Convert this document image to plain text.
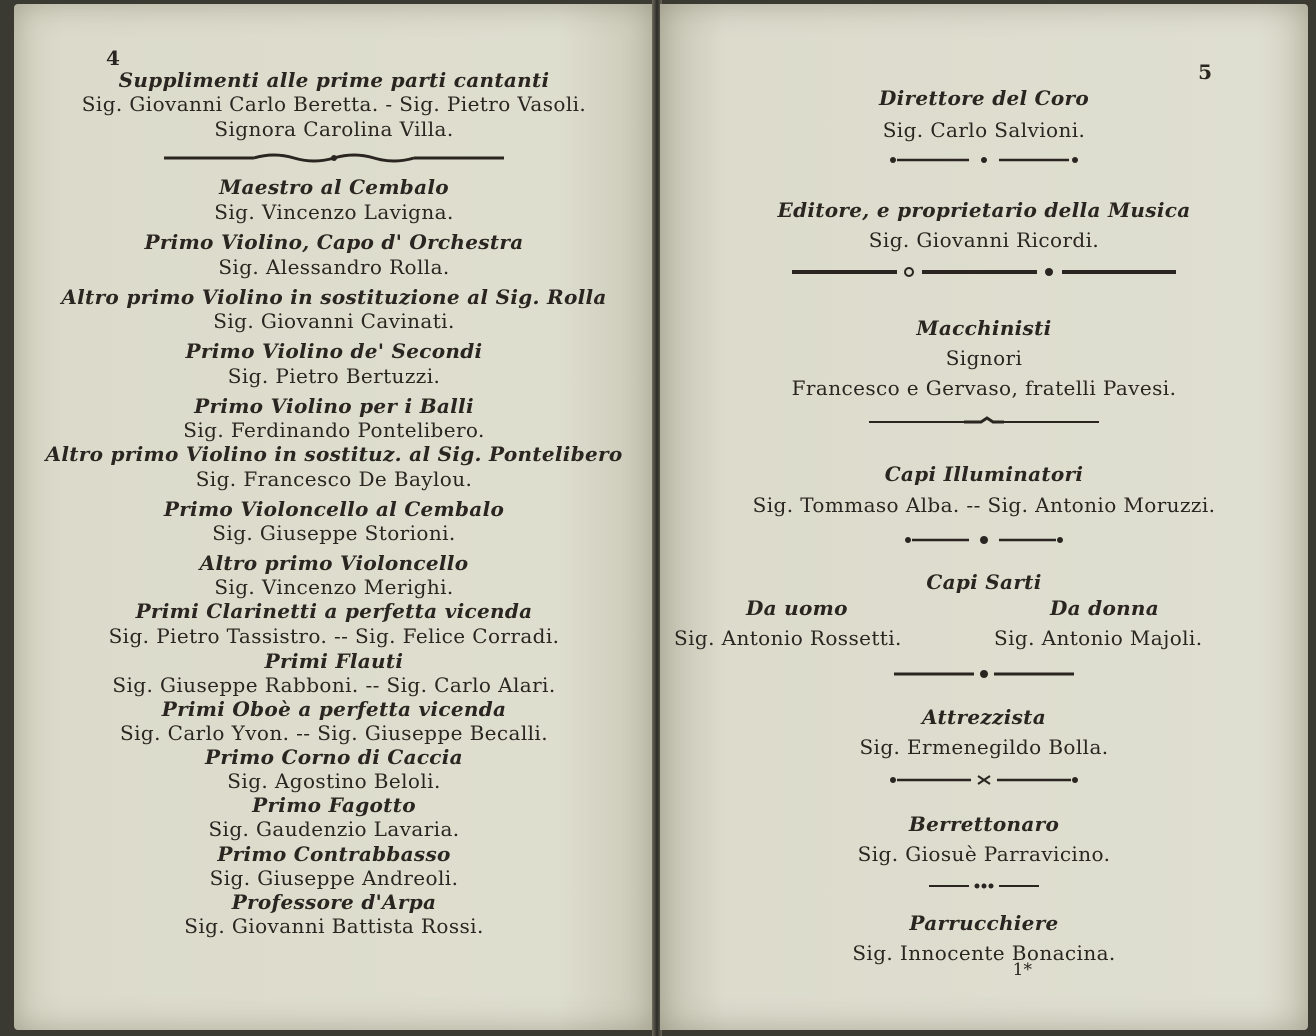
4
Supplimenti alle prime parti cantanti
Sig. Giovanni Carlo Beretta. - Sig. Pietro Vasoli.
Signora Carolina Villa.
Maestro al Cembalo
Sig. Vincenzo Lavigna.
Primo Violino, Capo d' Orchestra
Sig. Alessandro Rolla.
Altro primo Violino in sostituzione al Sig. Rolla
Sig. Giovanni Cavinati.
Primo Violino de' Secondi
Sig. Pietro Bertuzzi.
Primo Violino per i Balli
Sig. Ferdinando Pontelibero.
Altro primo Violino in sostituz. al Sig. Pontelibero
Sig. Francesco De Baylou.
Primo Violoncello al Cembalo
Sig. Giuseppe Storioni.
Altro primo Violoncello
Sig. Vincenzo Merighi.
Primi Clarinetti a perfetta vicenda
Sig. Pietro Tassistro. -- Sig. Felice Corradi.
Primi Flauti
Sig. Giuseppe Rabboni. -- Sig. Carlo Alari.
Primi Oboè a perfetta vicenda
Sig. Carlo Yvon. -- Sig. Giuseppe Becalli.
Primo Corno di Caccia
Sig. Agostino Beloli.
Primo Fagotto
Sig. Gaudenzio Lavaria.
Primo Contrabbasso
Sig. Giuseppe Andreoli.
Professore d'Arpa
Sig. Giovanni Battista Rossi.
5
Direttore del Coro
Sig. Carlo Salvioni.
Editore, e proprietario della Musica
Sig. Giovanni Ricordi.
Macchinisti
Signori
Francesco e Gervaso, fratelli Pavesi.
Capi Illuminatori
Sig. Tommaso Alba. -- Sig. Antonio Moruzzi.
Capi Sarti
Da uomo	Da donna
Sig. Antonio Rossetti.	Sig. Antonio Majoli.
Attrezzista
Sig. Ermenegildo Bolla.
Berrettonaro
Sig. Giosuè Parravicino.
Parrucchiere
Sig. Innocente Bonacina.
1*
